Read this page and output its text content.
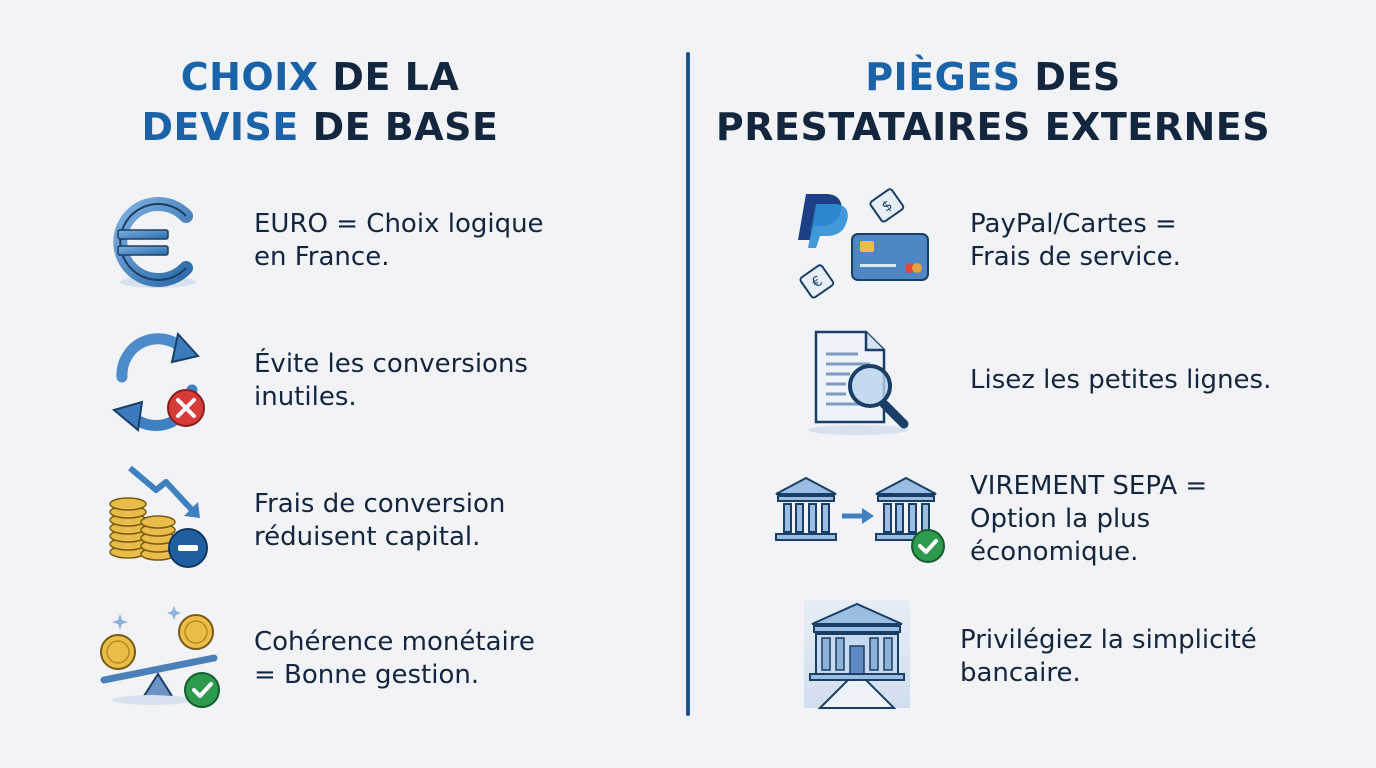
CHOIX DE LA
DEVISE DE BASE
EURO = Choix logique
en France.
Évite les conversions
inutiles.
Frais de conversion
réduisent capital.
Cohérence monétaire
= Bonne gestion.
PIÈGES DES
PRESTATAIRES EXTERNES
$
€
PayPal/Cartes =
Frais de service.
Lisez les petites lignes.
VIREMENT SEPA =
Option la plus
économique.
Privilégiez la simplicité
bancaire.
